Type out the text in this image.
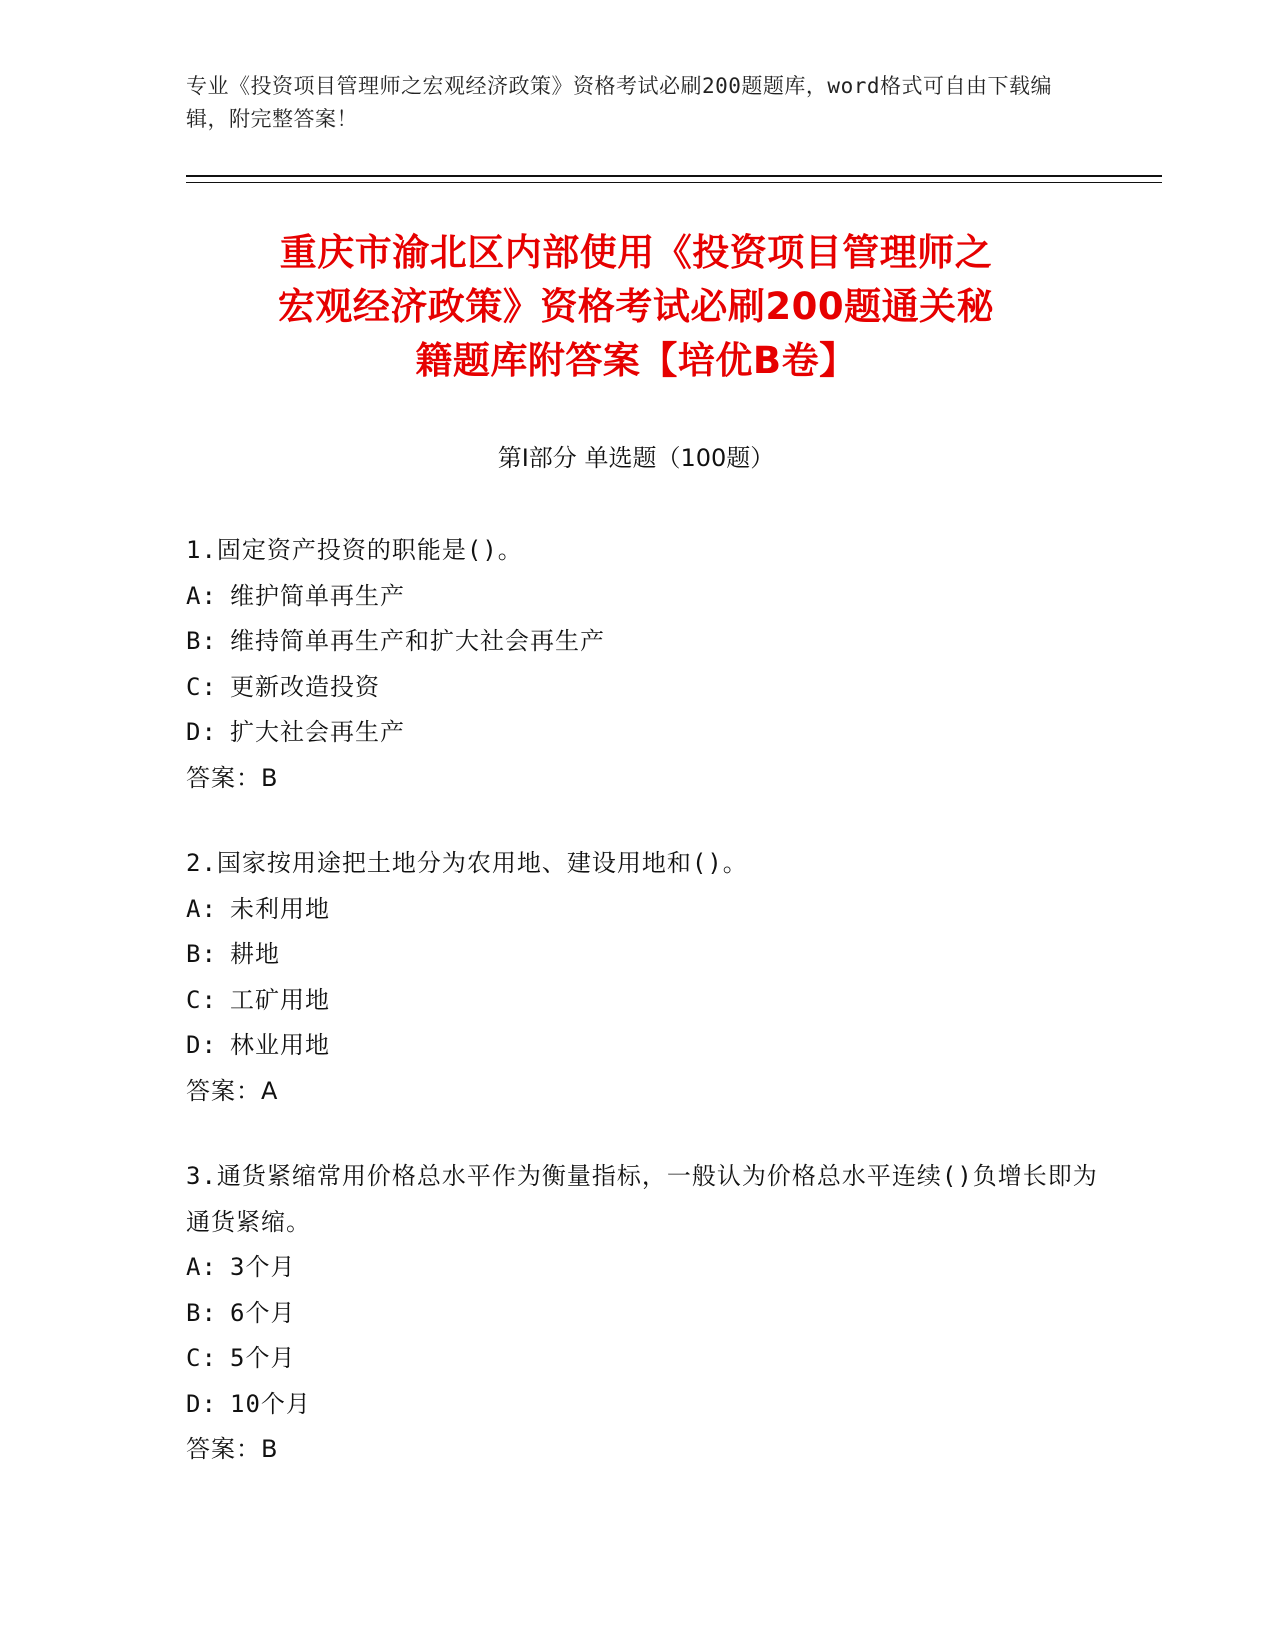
专业《投资项目管理师之宏观经济政策》资格考试必刷200题题库，word格式可自由下载编辑，附完整答案！
重庆市渝北区内部使用《投资项目管理师之
宏观经济政策》资格考试必刷200题通关秘
籍题库附答案【培优B卷】
第Ⅰ部分 单选题（100题）
1.固定资产投资的职能是()。
A: 维护简单再生产
B: 维持简单再生产和扩大社会再生产
C: 更新改造投资
D: 扩大社会再生产
答案：B
2.国家按用途把土地分为农用地、建设用地和()。
A: 未利用地
B: 耕地
C: 工矿用地
D: 林业用地
答案：A
3.通货紧缩常用价格总水平作为衡量指标，一般认为价格总水平连续()负增长即为通货紧缩。
A: 3个月
B: 6个月
C: 5个月
D: 10个月
答案：B
